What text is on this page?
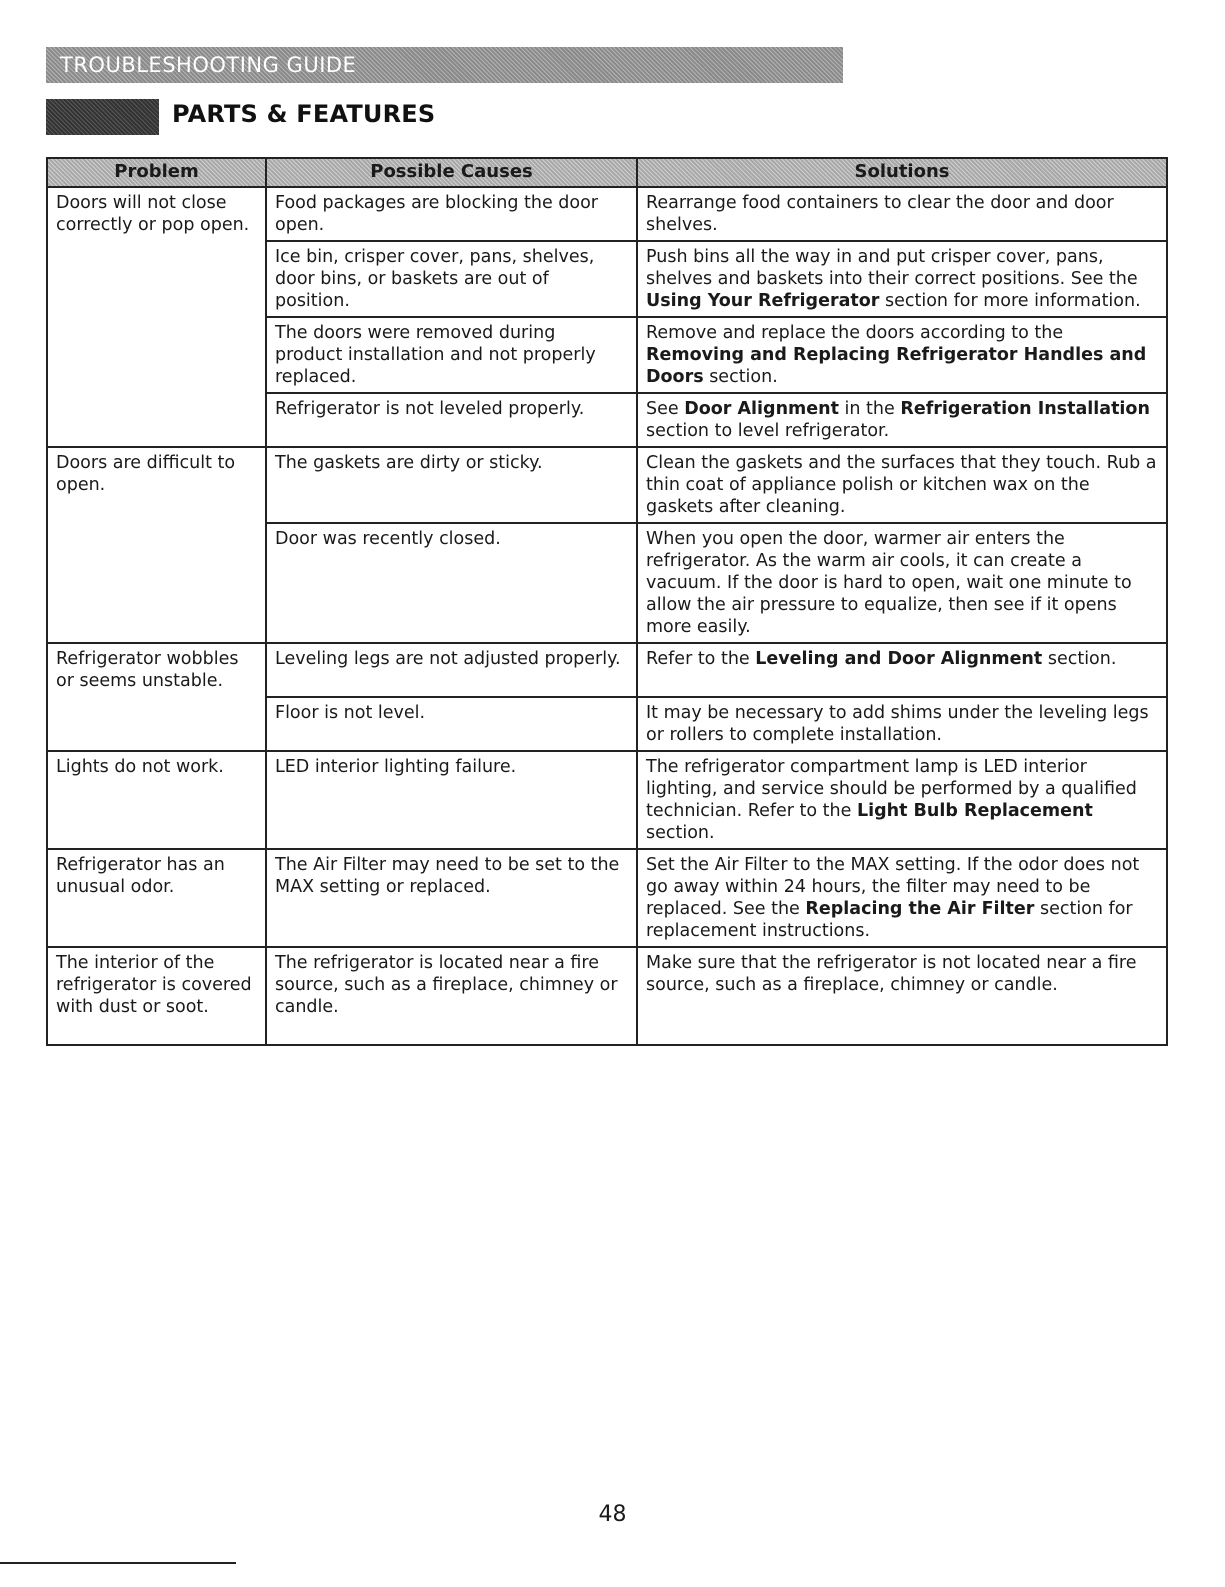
TROUBLESHOOTING GUIDE
PARTS & FEATURES
Problem	Possible Causes	Solutions
Doors will not close correctly or pop open.	Food packages are blocking the door open.	Rearrange food containers to clear the door and door shelves.
	Ice bin, crisper cover, pans, shelves, door bins, or baskets are out of position.	Push bins all the way in and put crisper cover, pans, shelves and baskets into their correct positions. See the Using Your Refrigerator section for more information.
	The doors were removed during product installation and not properly replaced.	Remove and replace the doors according to the Removing and Replacing Refrigerator Handles and Doors section.
	Refrigerator is not leveled properly.	See Door Alignment in the Refrigeration Installation section to level refrigerator.
Doors are difficult to open.	The gaskets are dirty or sticky.	Clean the gaskets and the surfaces that they touch. Rub a thin coat of appliance polish or kitchen wax on the gaskets after cleaning.
	Door was recently closed.	When you open the door, warmer air enters the refrigerator. As the warm air cools, it can create a vacuum. If the door is hard to open, wait one minute to allow the air pressure to equalize, then see if it opens more easily.
Refrigerator wobbles or seems unstable.	Leveling legs are not adjusted properly.	Refer to the Leveling and Door Alignment section.
	Floor is not level.	It may be necessary to add shims under the leveling legs or rollers to complete installation.
Lights do not work.	LED interior lighting failure.	The refrigerator compartment lamp is LED interior lighting, and service should be performed by a qualified technician. Refer to the Light Bulb Replacement section.
Refrigerator has an unusual odor.	The Air Filter may need to be set to the MAX setting or replaced.	Set the Air Filter to the MAX setting. If the odor does not go away within 24 hours, the filter may need to be replaced. See the Replacing the Air Filter section for replacement instructions.
The interior of the refrigerator is covered with dust or soot.	The refrigerator is located near a fire source, such as a fireplace, chimney or candle.	Make sure that the refrigerator is not located near a fire source, such as a fireplace, chimney or candle.
48
